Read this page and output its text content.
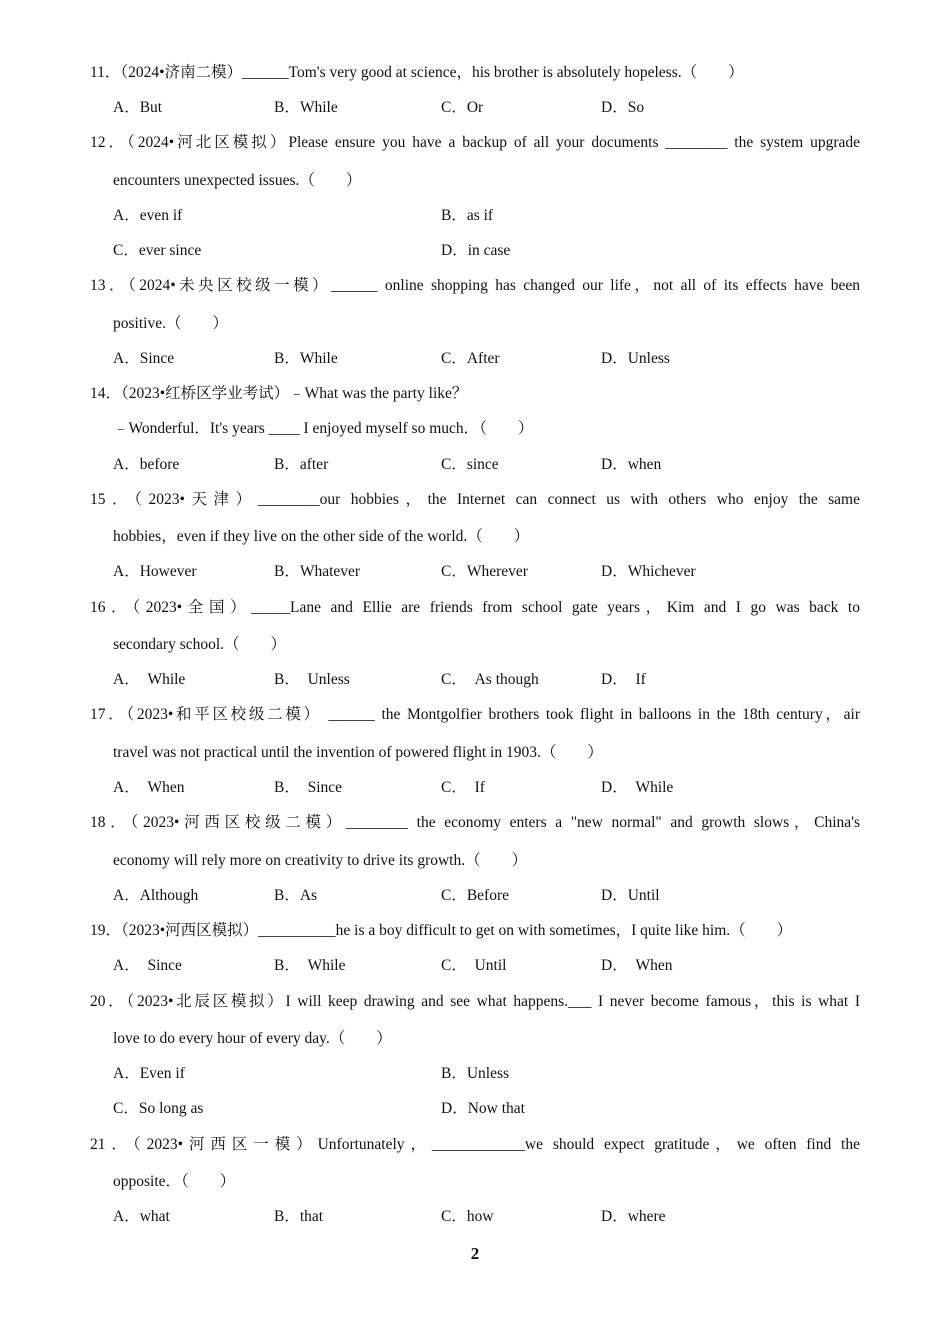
11．（2024•济南二模）______Tom's very good at science，his brother is absolutely hopeless.（　　）
A．But	B．While	C．Or	D．So
12．（2024•河北区模拟）Please ensure you have a backup of all your documents ________ the system upgrade
encounters unexpected issues.（　　）
A．even if	B．as if
C．ever since	D．in case
13．（2024•未央区校级一模）______ online shopping has changed our life，not all of its effects have been
positive.（　　）
A．Since	B．While	C．After	D．Unless
14．（2023•红桥区学业考试）﹣What was the party like？
﹣Wonderful．It's years ____ I enjoyed myself so much．（　　）
A．before	B．after	C．since	D．when
15．（2023•天津）________our hobbies，the Internet can connect us with others who enjoy the same
hobbies，even if they live on the other side of the world.（　　）
A．However	B．Whatever	C．Wherever	D．Whichever
16．（2023•全国）_____Lane and Ellie are friends from school gate years，Kim and I go was back to
secondary school.（　　）
A．　While	B．　Unless	C．　As though	D．　If
17．（2023•和平区校级二模） ______ the Montgolfier brothers took flight in balloons in the 18th century，air
travel was not practical until the invention of powered flight in 1903.（　　）
A．　When	B．　Since	C．　If	D．　While
18．（2023•河西区校级二模）________ the economy enters a "new normal" and growth slows，China's
economy will rely more on creativity to drive its growth.（　　）
A．Although	B．As	C．Before	D．Until
19．（2023•河西区模拟）__________he is a boy difficult to get on with sometimes，I quite like him.（　　）
A．　Since	B．　While	C．　Until	D．　When
20．（2023•北辰区模拟）I will keep drawing and see what happens.___ I never become famous，this is what I
love to do every hour of every day.（　　）
A．Even if	B．Unless
C．So long as	D．Now that
21．（2023•河西区一模）Unfortunately，____________we should expect gratitude，we often find the
opposite．（　　）
A．what	B．that	C．how	D．where
2
